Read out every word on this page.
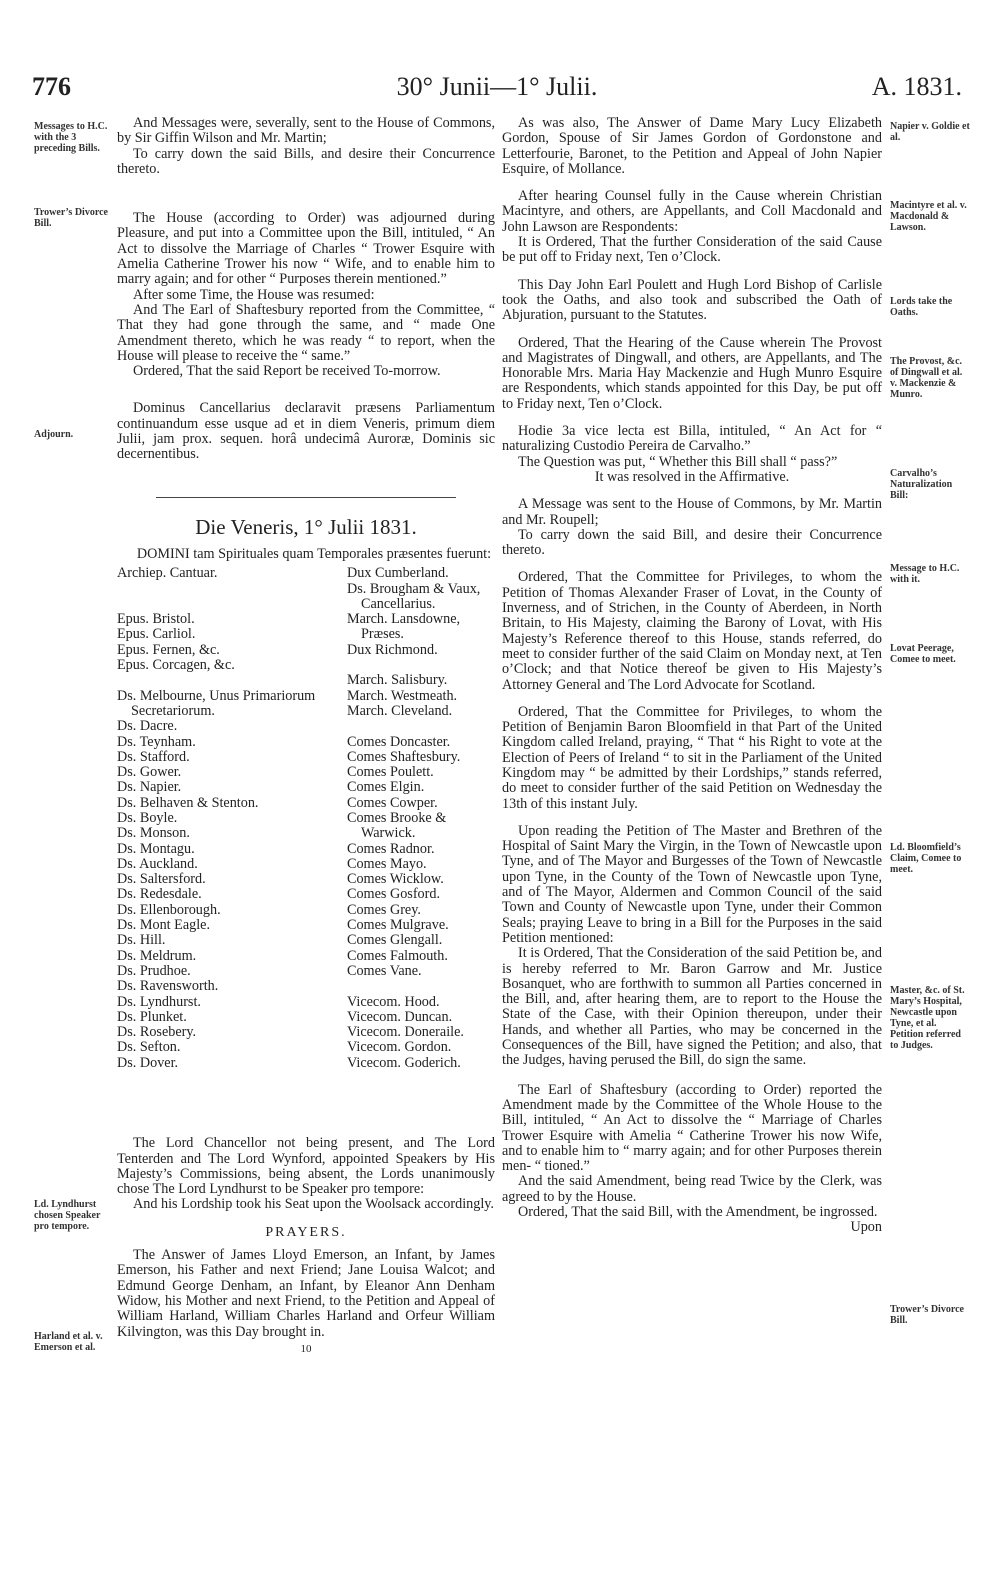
30° Junii—1° Julii.
776	A. 1831.
Messages to H.C. with the 3 preceding Bills.
Trower’s Divorce Bill.
Adjourn.
Ld. Lyndhurst chosen Speaker pro tempore.
Harland et al. v. Emerson et al.
Napier v. Goldie et al.
Macintyre et al. v. Macdonald & Lawson.
Lords take the Oaths.
The Provost, &c. of Dingwall et al. v. Mackenzie & Munro.
Carvalho’s Naturalization Bill:
Message to H.C. with it.
Lovat Peerage, Comee to meet.
Ld. Bloomfield’s Claim, Comee to meet.
Master, &c. of St. Mary’s Hospital, Newcastle upon Tyne, et al. Petition referred to Judges.
Trower’s Divorce Bill.

And Messages were, severally, sent to the House of Commons, by Sir Giffin Wilson and Mr. Martin;

To carry down the said Bills, and desire their Concurrence thereto.

The House (according to Order) was adjourned during Pleasure, and put into a Committee upon the Bill, intituled, “ An Act to dissolve the Marriage of Charles “ Trower Esquire with Amelia Catherine Trower his now “ Wife, and to enable him to marry again; and for other “ Purposes therein mentioned.”

After some Time, the House was resumed:

And The Earl of Shaftesbury reported from the Committee, “ That they had gone through the same, and “ made One Amendment thereto, which he was ready “ to report, when the House will please to receive the “ same.”

Ordered, That the said Report be received To-morrow.

Dominus Cancellarius declaravit præsens Parliamentum continuandum esse usque ad et in diem Veneris, primum diem Julii, jam prox. sequen. horâ undecimâ Auroræ, Dominis sic decernentibus.

Die Veneris, 1° Julii 1831.

DOMINI tam Spirituales quam Temporales præsentes fuerunt:

Archiep. Cantuar.

Epus. Bristol.
Epus. Carliol.
Epus. Fernen, &c.
Epus. Corcagen, &c.

Ds. Melbourne, Unus Primariorum
Secretariorum.
Ds. Dacre.
Ds. Teynham.
Ds. Stafford.
Ds. Gower.
Ds. Napier.
Ds. Belhaven & Stenton.
Ds. Boyle.
Ds. Monson.
Ds. Montagu.
Ds. Auckland.
Ds. Saltersford.
Ds. Redesdale.
Ds. Ellenborough.
Ds. Mont Eagle.
Ds. Hill.
Ds. Meldrum.
Ds. Prudhoe.
Ds. Ravensworth.
Ds. Lyndhurst.
Ds. Plunket.
Ds. Rosebery.
Ds. Sefton.
Ds. Dover.
Dux Cumberland.
Ds. Brougham & Vaux,
Cancellarius.
March. Lansdowne,
Præses.
Dux Richmond.

March. Salisbury.
March. Westmeath.
March. Cleveland.

Comes Doncaster.
Comes Shaftesbury.
Comes Poulett.
Comes Elgin.
Comes Cowper.
Comes Brooke &
Warwick.
Comes Radnor.
Comes Mayo.
Comes Wicklow.
Comes Gosford.
Comes Grey.
Comes Mulgrave.
Comes Glengall.
Comes Falmouth.
Comes Vane.

Vicecom. Hood.
Vicecom. Duncan.
Vicecom. Doneraile.
Vicecom. Gordon.
Vicecom. Goderich.

The Lord Chancellor not being present, and The Lord Tenterden and The Lord Wynford, appointed Speakers by His Majesty’s Commissions, being absent, the Lords unanimously chose The Lord Lyndhurst to be Speaker pro tempore:

And his Lordship took his Seat upon the Woolsack accordingly.

PRAYERS.

The Answer of James Lloyd Emerson, an Infant, by James Emerson, his Father and next Friend; Jane Louisa Walcot; and Edmund George Denham, an Infant, by Eleanor Ann Denham Widow, his Mother and next Friend, to the Petition and Appeal of William Harland, William Charles Harland and Orfeur William Kilvington, was this Day brought in.

10

As was also, The Answer of Dame Mary Lucy Elizabeth Gordon, Spouse of Sir James Gordon of Gordonstone and Letterfourie, Baronet, to the Petition and Appeal of John Napier Esquire, of Mollance.

After hearing Counsel fully in the Cause wherein Christian Macintyre, and others, are Appellants, and Coll Macdonald and John Lawson are Respondents:

It is Ordered, That the further Consideration of the said Cause be put off to Friday next, Ten o’Clock.

This Day John Earl Poulett and Hugh Lord Bishop of Carlisle took the Oaths, and also took and subscribed the Oath of Abjuration, pursuant to the Statutes.

Ordered, That the Hearing of the Cause wherein The Provost and Magistrates of Dingwall, and others, are Appellants, and The Honorable Mrs. Maria Hay Mackenzie and Hugh Munro Esquire are Respondents, which stands appointed for this Day, be put off to Friday next, Ten o’Clock.

Hodie 3a vice lecta est Billa, intituled, “ An Act for “ naturalizing Custodio Pereira de Carvalho.”

The Question was put, “ Whether this Bill shall “ pass?”

It was resolved in the Affirmative.

A Message was sent to the House of Commons, by Mr. Martin and Mr. Roupell;

To carry down the said Bill, and desire their Concurrence thereto.

Ordered, That the Committee for Privileges, to whom the Petition of Thomas Alexander Fraser of Lovat, in the County of Inverness, and of Strichen, in the County of Aberdeen, in North Britain, to His Majesty, claiming the Barony of Lovat, with His Majesty’s Reference thereof to this House, stands referred, do meet to consider further of the said Claim on Monday next, at Ten o’Clock; and that Notice thereof be given to His Majesty’s Attorney General and The Lord Advocate for Scotland.

Ordered, That the Committee for Privileges, to whom the Petition of Benjamin Baron Bloomfield in that Part of the United Kingdom called Ireland, praying, “ That “ his Right to vote at the Election of Peers of Ireland “ to sit in the Parliament of the United Kingdom may “ be admitted by their Lordships,” stands referred, do meet to consider further of the said Petition on Wednesday the 13th of this instant July.

Upon reading the Petition of The Master and Brethren of the Hospital of Saint Mary the Virgin, in the Town of Newcastle upon Tyne, and of The Mayor and Burgesses of the Town of Newcastle upon Tyne, in the County of the Town of Newcastle upon Tyne, and of The Mayor, Aldermen and Common Council of the said Town and County of Newcastle upon Tyne, under their Common Seals; praying Leave to bring in a Bill for the Purposes in the said Petition mentioned:

It is Ordered, That the Consideration of the said Petition be, and is hereby referred to Mr. Baron Garrow and Mr. Justice Bosanquet, who are forthwith to summon all Parties concerned in the Bill, and, after hearing them, are to report to the House the State of the Case, with their Opinion thereupon, under their Hands, and whether all Parties, who may be concerned in the Consequences of the Bill, have signed the Petition; and also, that the Judges, having perused the Bill, do sign the same.

The Earl of Shaftesbury (according to Order) reported the Amendment made by the Committee of the Whole House to the Bill, intituled, “ An Act to dissolve the “ Marriage of Charles Trower Esquire with Amelia “ Catherine Trower his now Wife, and to enable him to “ marry again; and for other Purposes therein men- “ tioned.”

And the said Amendment, being read Twice by the Clerk, was agreed to by the House.

Ordered, That the said Bill, with the Amendment, be ingrossed.

Upon
